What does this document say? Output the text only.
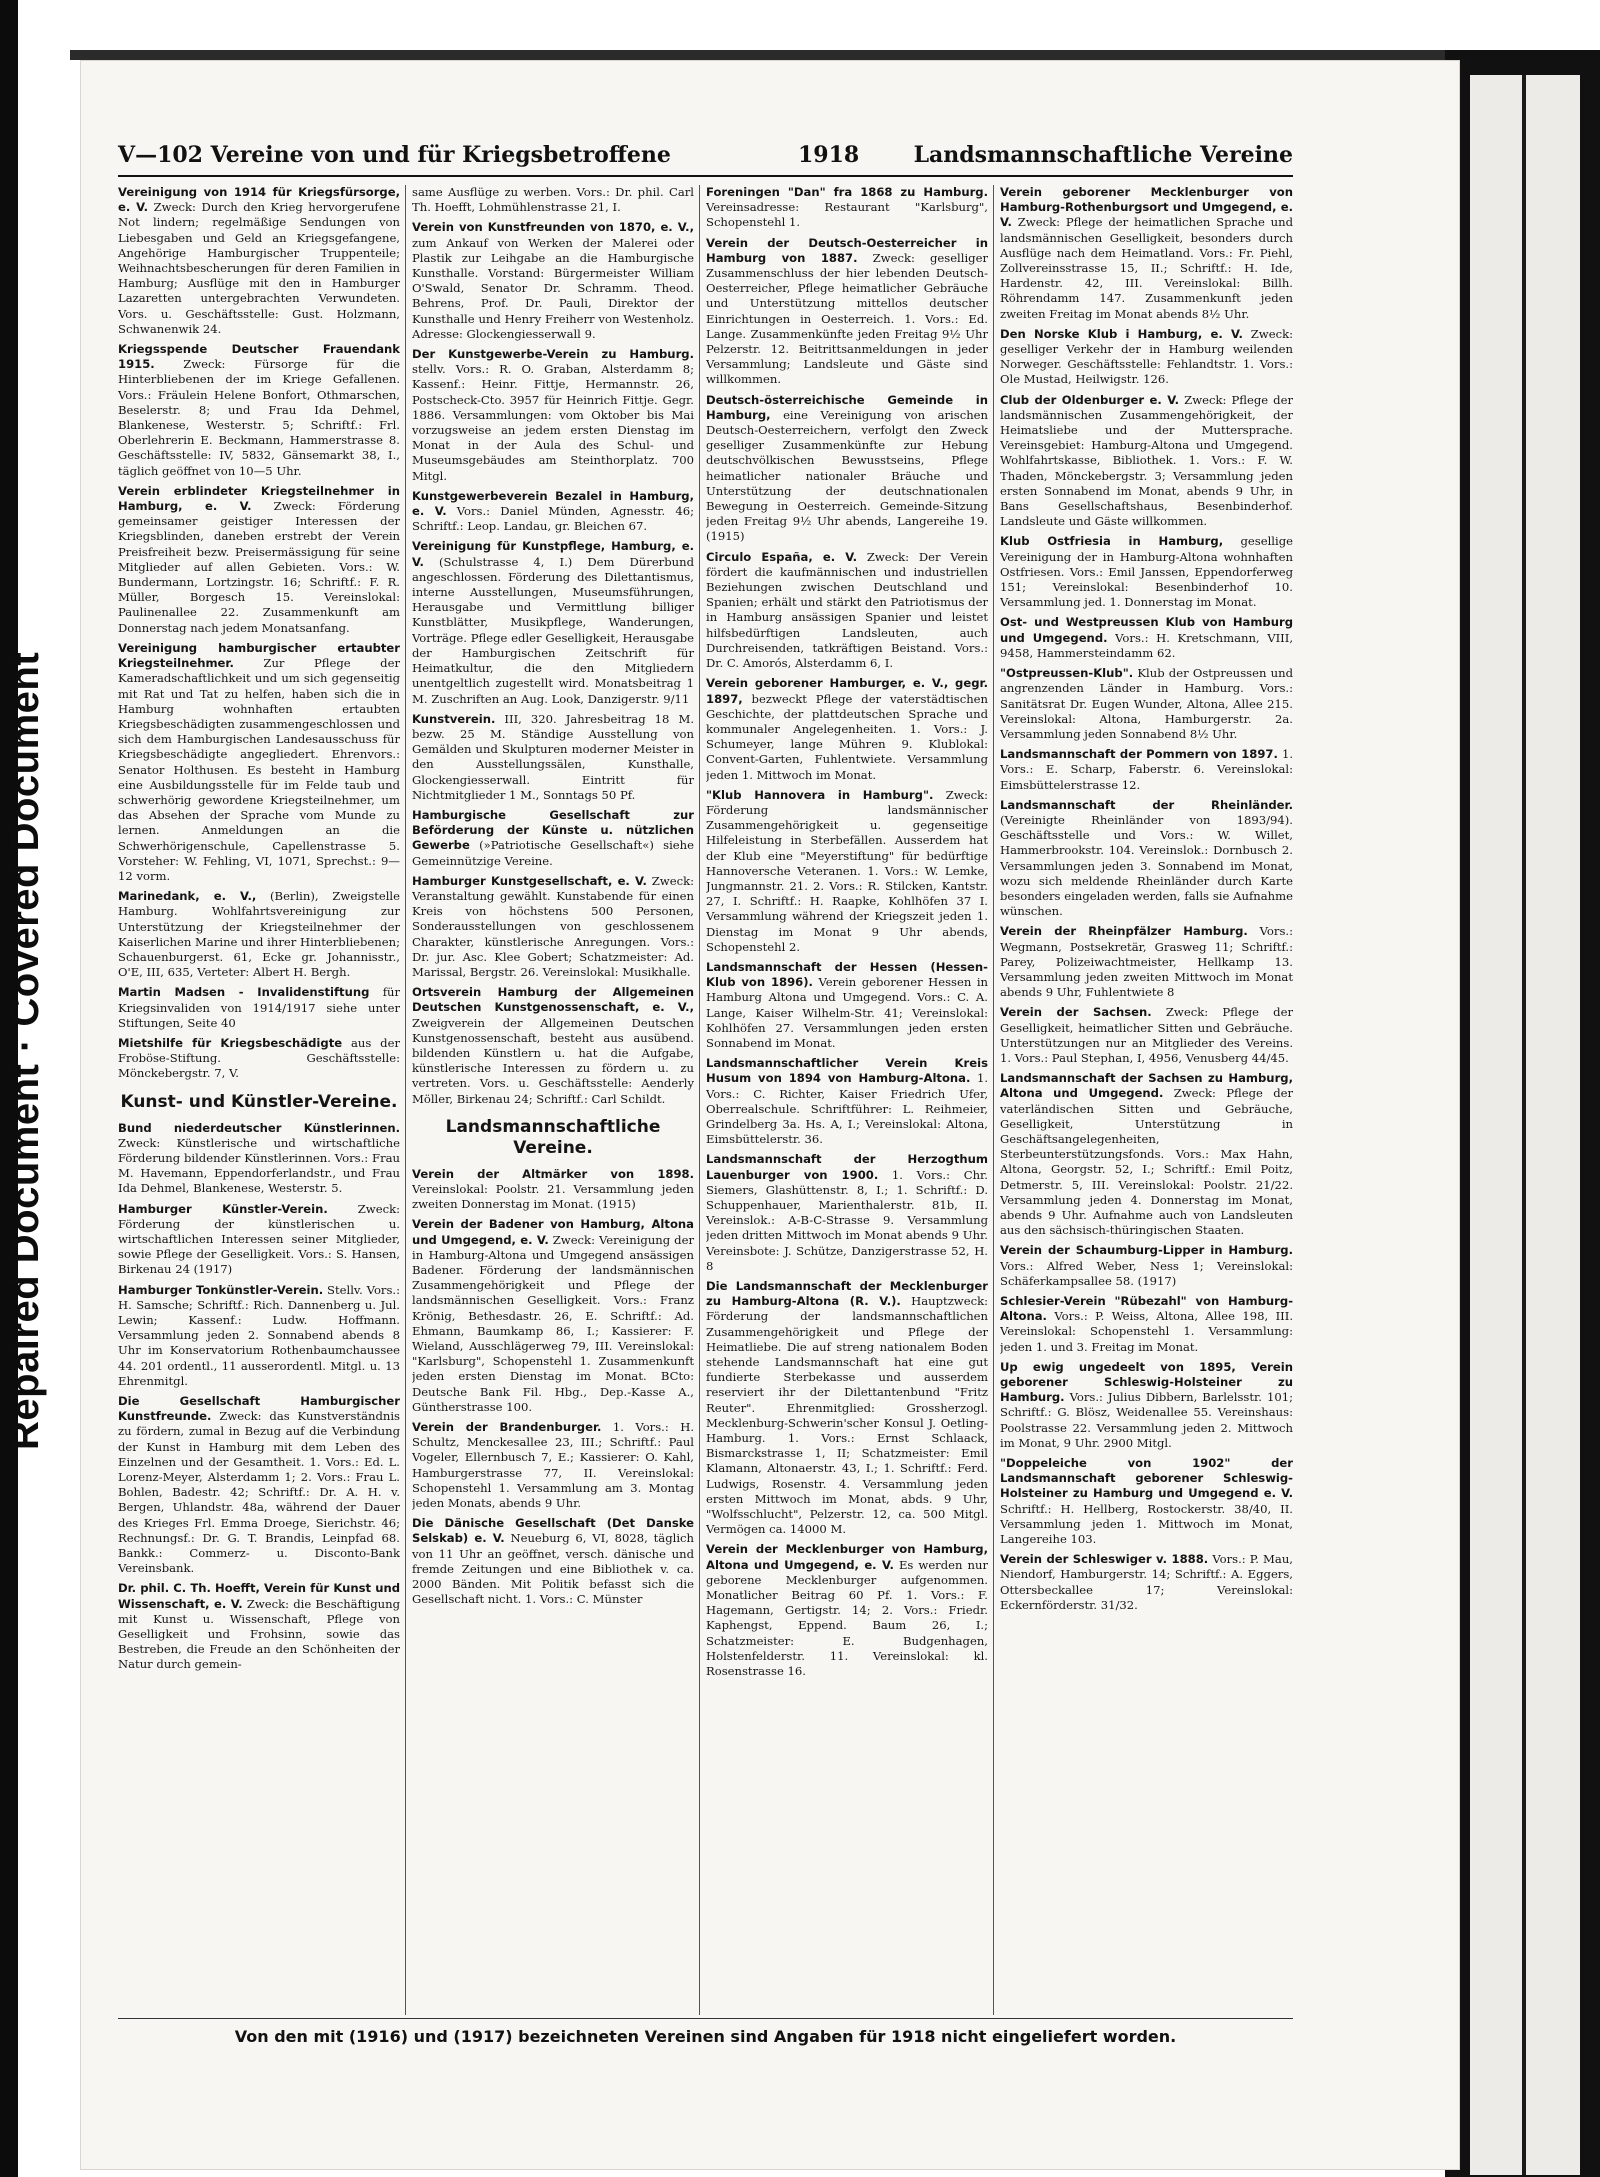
Repaired Document · Covered Document
V—102 Vereine von und für Kriegsbetroffene	1918 Landsmannschaftliche Vereine

Vereinigung von 1914 für Kriegsfürsorge, e. V. Zweck: Durch den Krieg hervorgerufene Not lindern; regelmäßige Sendungen von Liebesgaben und Geld an Kriegsgefangene, Angehörige Hamburgischer Truppenteile; Weihnachtsbescherungen für deren Familien in Hamburg; Ausflüge mit den in Hamburger Lazaretten untergebrachten Verwundeten. Vors. u. Geschäftsstelle: Gust. Holzmann, Schwanenwik 24.

Kriegsspende Deutscher Frauendank 1915. Zweck: Fürsorge für die Hinterbliebenen der im Kriege Gefallenen. Vors.: Fräulein Helene Bonfort, Othmarschen, Beselerstr. 8; und Frau Ida Dehmel, Blankenese, Westerstr. 5; Schriftf.: Frl. Oberlehrerin E. Beckmann, Hammerstrasse 8. Geschäftsstelle: IV, 5832, Gänsemarkt 38, I., täglich geöffnet von 10—5 Uhr.

Verein erblindeter Kriegsteilnehmer in Hamburg, e. V. Zweck: Förderung gemeinsamer geistiger Interessen der Kriegsblinden, daneben erstrebt der Verein Preisfreiheit bezw. Preisermässigung für seine Mitglieder auf allen Gebieten. Vors.: W. Bundermann, Lortzingstr. 16; Schriftf.: F. R. Müller, Borgesch 15. Vereinslokal: Paulinenallee 22. Zusammenkunft am Donnerstag nach jedem Monatsanfang.

Vereinigung hamburgischer ertaubter Kriegsteilnehmer.	Zur Pflege der Kameradschaftlichkeit und um sich gegenseitig mit Rat und Tat zu helfen, haben sich die in Hamburg wohnhaften ertaubten Kriegsbeschädigten zusammengeschlossen und sich dem Hamburgischen Landesausschuss für Kriegsbeschädigte angegliedert. Ehrenvors.: Senator Holthusen. Es besteht in Hamburg eine Ausbildungsstelle für im Felde taub und schwerhörig gewordene Kriegsteilnehmer, um das Absehen der Sprache vom Munde zu lernen. Anmeldungen an die Schwerhörigenschule, Capellenstrasse 5. Vorsteher: W. Fehling, VI, 1071, Sprechst.: 9—12 vorm.

Marinedank, e. V., (Berlin), Zweigstelle Hamburg. Wohlfahrtsvereinigung zur Unterstützung der Kriegsteilnehmer der Kaiserlichen Marine und ihrer Hinterbliebenen; Schauenburgerst. 61, Ecke gr. Johannisstr., O'E, III, 635, Verteter: Albert H. Bergh.

Martin Madsen - Invalidenstiftung für Kriegsinvaliden von 1914/1917 siehe unter Stiftungen, Seite 40

Mietshilfe für Kriegsbeschädigte aus der Froböse-Stiftung. Geschäftsstelle: Mönckebergstr. 7, V.

Kunst- und Künstler-Vereine.

Bund niederdeutscher Künstlerinnen. Zweck: Künstlerische und wirtschaftliche Förderung bildender Künstlerinnen. Vors.: Frau M. Havemann, Eppendorferlandstr., und Frau Ida Dehmel, Blankenese, Westerstr. 5.

Hamburger Künstler-Verein.	Zweck: Förderung der künstlerischen u. wirtschaftlichen Interessen seiner Mitglieder, sowie Pflege der Geselligkeit. Vors.: S. Hansen, Birkenau 24 (1917)

Hamburger Tonkünstler-Verein. Stellv. Vors.: H. Samsche; Schriftf.: Rich. Dannenberg u. Jul. Lewin; Kassenf.: Ludw. Hoffmann. Versammlung jeden 2. Sonnabend abends 8 Uhr im Konservatorium Rothenbaumchaussee 44. 201 ordentl., 11 ausserordentl. Mitgl. u. 13 Ehrenmitgl.

Die Gesellschaft Hamburgischer Kunstfreunde. Zweck: das Kunstverständnis zu fördern, zumal in Bezug auf die Verbindung der Kunst in Hamburg mit dem Leben des Einzelnen und der Gesamtheit. 1. Vors.: Ed. L. Lorenz-Meyer, Alsterdamm 1; 2. Vors.: Frau L. Bohlen, Badestr. 42; Schriftf.: Dr. A. H. v. Bergen, Uhlandstr. 48a, während der Dauer des Krieges Frl. Emma Droege, Sierichstr. 46; Rechnungsf.: Dr. G. T. Brandis, Leinpfad 68. Bankk.: Commerz- u. Disconto-Bank Vereinsbank.

Dr. phil. C. Th. Hoefft, Verein für Kunst und Wissenschaft, e. V. Zweck: die Beschäftigung mit Kunst u. Wissenschaft, Pflege von Geselligkeit und Frohsinn, sowie das Bestreben, die Freude an den Schönheiten der Natur durch gemein-

same Ausflüge zu werben. Vors.: Dr. phil. Carl Th. Hoefft, Lohmühlenstrasse 21, I.

Verein von Kunstfreunden von 1870, e. V., zum Ankauf von Werken der Malerei oder Plastik zur Leihgabe an die Hamburgische Kunsthalle. Vorstand: Bürgermeister William O'Swald, Senator Dr. Schramm. Theod. Behrens, Prof. Dr. Pauli, Direktor der Kunsthalle und Henry Freiherr von Westenholz. Adresse: Glockengiesserwall 9.

Der Kunstgewerbe-Verein zu Hamburg. stellv. Vors.: R. O. Graban, Alsterdamm 8; Kassenf.: Heinr. Fittje, Hermannstr. 26, Postscheck-Cto. 3957 für Heinrich Fittje. Gegr. 1886. Versammlungen: vom Oktober bis Mai vorzugsweise an jedem ersten Dienstag im Monat in der Aula des Schul- und Museumsgebäudes am Steinthorplatz. 700 Mitgl.

Kunstgewerbeverein Bezalel in Hamburg, e. V. Vors.: Daniel Münden, Agnesstr. 46; Schriftf.: Leop. Landau, gr. Bleichen 67.

Vereinigung für Kunstpflege, Hamburg, e. V. (Schulstrasse 4, I.) Dem Dürerbund angeschlossen. Förderung des Dilettantismus, interne Ausstellungen, Museumsführungen, Herausgabe und Vermittlung billiger Kunstblätter, Musikpflege, Wanderungen, Vorträge. Pflege edler Geselligkeit, Herausgabe der Hamburgischen Zeitschrift für Heimatkultur, die den Mitgliedern unentgeltlich zugestellt wird. Monatsbeitrag 1 M. Zuschriften an Aug. Look, Danzigerstr. 9/11

Kunstverein. III, 320. Jahresbeitrag 18 M. bezw. 25 M. Ständige Ausstellung von Gemälden und Skulpturen moderner Meister in den Ausstellungssälen, Kunsthalle, Glockengiesserwall. Eintritt für Nichtmitglieder 1 M., Sonntags 50 Pf.

Hamburgische Gesellschaft zur Beförderung der Künste u. nützlichen Gewerbe (»Patriotische Gesellschaft«) siehe Gemeinnützige Vereine.

Hamburger Kunstgesellschaft, e. V. Zweck: Veranstaltung gewählt. Kunstabende für einen Kreis von höchstens 500 Personen, Sonderausstellungen von geschlossenem Charakter, künstlerische Anregungen. Vors.: Dr. jur. Asc. Klee Gobert; Schatzmeister: Ad. Marissal, Bergstr. 26. Vereinslokal: Musikhalle.

Ortsverein Hamburg der Allgemeinen Deutschen Kunstgenossenschaft, e. V., Zweigverein der Allgemeinen Deutschen Kunstgenossenschaft, besteht aus ausübend. bildenden Künstlern u. hat die Aufgabe, künstlerische Interessen zu fördern u. zu vertreten. Vors. u. Geschäftsstelle: Aenderly Möller, Birkenau 24; Schriftf.: Carl Schildt.

Landsmannschaftliche Vereine.

Verein der Altmärker von 1898. Vereinslokal: Poolstr. 21. Versammlung jeden zweiten Donnerstag im Monat. (1915)

Verein der Badener von Hamburg, Altona und Umgegend, e. V. Zweck: Vereinigung der in Hamburg-Altona und Umgegend ansässigen Badener. Förderung der landsmännischen Zusammengehörigkeit und Pflege der landsmännischen Geselligkeit. Vors.: Franz Krönig, Bethesdastr. 26, E. Schriftf.: Ad. Ehmann, Baumkamp 86, I.; Kassierer: F. Wieland, Ausschlägerweg 79, III. Vereinslokal: "Karlsburg", Schopenstehl 1. Zusammenkunft jeden ersten Dienstag im Monat. BCto: Deutsche Bank Fil. Hbg., Dep.-Kasse A., Güntherstrasse 100.

Verein der Brandenburger. 1. Vors.: H. Schultz, Menckesallee 23, III.; Schriftf.: Paul Vogeler, Ellernbusch 7, E.; Kassierer: O. Kahl, Hamburgerstrasse 77, II. Vereinslokal: Schopenstehl 1. Versammlung am 3. Montag jeden Monats, abends 9 Uhr.

Die Dänische Gesellschaft (Det Danske Selskab) e. V. Neueburg 6, VI, 8028, täglich von 11 Uhr an geöffnet, versch. dänische und fremde Zeitungen und eine Bibliothek v. ca. 2000 Bänden. Mit Politik befasst sich die Gesellschaft nicht. 1. Vors.: C. Münster

Foreningen "Dan" fra 1868 zu Hamburg. Vereinsadresse: Restaurant "Karlsburg", Schopenstehl 1.

Verein der Deutsch-Oesterreicher in Hamburg von 1887. Zweck: geselliger Zusammenschluss der hier lebenden Deutsch-Oesterreicher, Pflege heimatlicher Gebräuche und Unterstützung mittellos deutscher Einrichtungen in Oesterreich. 1. Vors.: Ed. Lange. Zusammenkünfte jeden Freitag 9½ Uhr Pelzerstr. 12. Beitrittsanmeldungen in jeder Versammlung; Landsleute und Gäste sind willkommen.

Deutsch-österreichische Gemeinde in Hamburg, eine Vereinigung von arischen Deutsch-Oesterreichern, verfolgt den Zweck geselliger Zusammenkünfte zur Hebung deutschvölkischen Bewusstseins, Pflege heimatlicher nationaler Bräuche und Unterstützung der deutschnationalen Bewegung in Oesterreich. Gemeinde-Sitzung jeden Freitag 9½ Uhr abends, Langereihe 19. (1915)

Circulo España, e. V. Zweck: Der Verein fördert die kaufmännischen und industriellen Beziehungen zwischen Deutschland und Spanien; erhält und stärkt den Patriotismus der in Hamburg ansässigen Spanier und leistet hilfsbedürftigen Landsleuten, auch Durchreisenden, tatkräftigen Beistand. Vors.: Dr. C. Amorós, Alsterdamm 6, I.

Verein geborener Hamburger, e. V., gegr. 1897, bezweckt Pflege der vaterstädtischen Geschichte, der plattdeutschen Sprache und kommunaler Angelegenheiten. 1. Vors.: J. Schumeyer, lange Mühren 9. Klublokal: Convent-Garten, Fuhlentwiete. Versammlung jeden 1. Mittwoch im Monat.

"Klub Hannovera in Hamburg". Zweck: Förderung landsmännischer Zusammengehörigkeit u. gegenseitige Hilfeleistung in Sterbefällen. Ausserdem hat der Klub eine "Meyerstiftung" für bedürftige Hannoversche Veteranen. 1. Vors.: W. Lemke, Jungmannstr. 21. 2. Vors.: R. Stilcken, Kantstr. 27, I. Schriftf.: H. Raapke, Kohlhöfen 37 I. Versammlung während der Kriegszeit jeden 1. Dienstag im Monat 9 Uhr abends, Schopenstehl 2.

Landsmannschaft der Hessen (Hessen-Klub von 1896). Verein geborener Hessen in Hamburg Altona und Umgegend. Vors.: C. A. Lange, Kaiser Wilhelm-Str. 41; Vereinslokal: Kohlhöfen 27. Versammlungen jeden ersten Sonnabend im Monat.

Landsmannschaftlicher Verein Kreis Husum von 1894 von Hamburg-Altona. 1. Vors.: C. Richter, Kaiser Friedrich Ufer, Oberrealschule. Schriftführer: L. Reihmeier, Grindelberg 3a. Hs. A, I.; Vereinslokal: Altona, Eimsbüttelerstr. 36.

Landsmannschaft der Herzogthum Lauenburger von 1900. 1. Vors.: Chr. Siemers, Glashüttenstr. 8, I.; 1. Schriftf.: D. Schuppenhauer, Marienthalerstr. 81b, II. Vereinslok.: A-B-C-Strasse 9. Versammlung jeden dritten Mittwoch im Monat abends 9 Uhr. Vereinsbote: J. Schütze, Danzigerstrasse 52, H. 8

Die Landsmannschaft der Mecklenburger zu Hamburg-Altona (R. V.). Hauptzweck: Förderung der landsmannschaftlichen Zusammengehörigkeit und Pflege der Heimatliebe. Die auf streng nationalem Boden stehende Landsmannschaft hat eine gut fundierte Sterbekasse und ausserdem reserviert ihr der Dilettantenbund "Fritz Reuter". Ehrenmitglied: Grossherzogl. Mecklenburg-Schwerin'scher Konsul J. Oetling-Hamburg. 1. Vors.: Ernst Schlaack, Bismarckstrasse 1, II; Schatzmeister: Emil Klamann, Altonaerstr. 43, I.; 1. Schriftf.: Ferd. Ludwigs, Rosenstr. 4. Versammlung jeden ersten Mittwoch im Monat, abds. 9 Uhr, "Wolfsschlucht", Pelzerstr. 12, ca. 500 Mitgl. Vermögen ca. 14000 M.

Verein der Mecklenburger von Hamburg, Altona und Umgegend, e. V. Es werden nur geborene Mecklenburger aufgenommen. Monatlicher Beitrag 60 Pf. 1. Vors.: F. Hagemann, Gertigstr. 14; 2. Vors.: Friedr. Kaphengst, Eppend. Baum 26, I.; Schatzmeister: E. Budgenhagen, Holstenfelderstr. 11. Vereinslokal: kl. Rosenstrasse 16.

Verein geborener Mecklenburger von Hamburg-Rothenburgsort und Umgegend, e. V. Zweck: Pflege der heimatlichen Sprache und landsmännischen Geselligkeit, besonders durch Ausflüge nach dem Heimatland. Vors.: Fr. Piehl, Zollvereinsstrasse 15, II.; Schriftf.: H. Ide, Hardenstr. 42, III. Vereinslokal: Billh. Röhrendamm 147. Zusammenkunft jeden zweiten Freitag im Monat abends 8½ Uhr.

Den Norske Klub i Hamburg, e. V. Zweck: geselliger Verkehr der in Hamburg weilenden Norweger. Geschäftsstelle: Fehlandtstr. 1. Vors.: Ole Mustad, Heilwigstr. 126.

Club der Oldenburger e. V. Zweck: Pflege der landsmännischen Zusammengehörigkeit, der Heimatsliebe und der Muttersprache. Vereinsgebiet: Hamburg-Altona und Umgegend. Wohlfahrtskasse, Bibliothek. 1. Vors.: F. W. Thaden, Mönckebergstr. 3; Versammlung jeden ersten Sonnabend im Monat, abends 9 Uhr, in Bans Gesellschaftshaus, Besenbinderhof. Landsleute und Gäste willkommen.

Klub Ostfriesia in Hamburg, gesellige Vereinigung der in Hamburg-Altona wohnhaften Ostfriesen. Vors.: Emil Janssen, Eppendorferweg 151; Vereinslokal: Besenbinderhof 10. Versammlung jed. 1. Donnerstag im Monat.

Ost- und Westpreussen Klub von Hamburg und Umgegend. Vors.: H. Kretschmann, VIII, 9458, Hammersteindamm 62.

"Ostpreussen-Klub". Klub der Ostpreussen und angrenzenden Länder in Hamburg. Vors.: Sanitätsrat Dr. Eugen Wunder, Altona, Allee 215. Vereinslokal: Altona, Hamburgerstr. 2a. Versammlung jeden Sonnabend 8½ Uhr.

Landsmannschaft der Pommern von 1897. 1. Vors.: E. Scharp, Faberstr. 6. Vereinslokal: Eimsbüttelerstrasse 12.

Landsmannschaft der Rheinländer. (Vereinigte Rheinländer von 1893/94). Geschäftsstelle und Vors.: W. Willet, Hammerbrookstr. 104. Vereinslok.: Dornbusch 2. Versammlungen jeden 3. Sonnabend im Monat, wozu sich meldende Rheinländer durch Karte besonders eingeladen werden, falls sie Aufnahme wünschen.

Verein der Rheinpfälzer Hamburg. Vors.: Wegmann, Postsekretär, Grasweg 11; Schriftf.: Parey, Polizeiwachtmeister, Hellkamp 13. Versammlung jeden zweiten Mittwoch im Monat abends 9 Uhr, Fuhlentwiete 8

Verein der Sachsen. Zweck: Pflege der Geselligkeit, heimatlicher Sitten und Gebräuche. Unterstützungen nur an Mitglieder des Vereins. 1. Vors.: Paul Stephan, I, 4956, Venusberg 44/45.

Landsmannschaft der Sachsen zu Hamburg, Altona und Umgegend. Zweck: Pflege der vaterländischen Sitten und Gebräuche, Geselligkeit, Unterstützung in Geschäftsangelegenheiten, Sterbeunterstützungsfonds. Vors.: Max Hahn, Altona, Georgstr. 52, I.; Schriftf.: Emil Poitz, Detmerstr. 5, III. Vereinslokal: Poolstr. 21/22. Versammlung jeden 4. Donnerstag im Monat, abends 9 Uhr. Aufnahme auch von Landsleuten aus den sächsisch-thüringischen Staaten.

Verein der Schaumburg-Lipper in Hamburg. Vors.: Alfred Weber, Ness 1; Vereinslokal: Schäferkampsallee 58. (1917)

Schlesier-Verein "Rübezahl" von Hamburg-Altona. Vors.: P. Weiss, Altona, Allee 198, III. Vereinslokal: Schopenstehl 1. Versammlung: jeden 1. und 3. Freitag im Monat.

Up ewig ungedeelt von 1895, Verein geborener Schleswig-Holsteiner zu Hamburg. Vors.: Julius Dibbern, Barlelsstr. 101; Schriftf.: G. Blösz, Weidenallee 55. Vereinshaus: Poolstrasse 22. Versammlung jeden 2. Mittwoch im Monat, 9 Uhr. 2900 Mitgl.

"Doppeleiche von 1902" der Landsmannschaft geborener Schleswig-Holsteiner zu Hamburg und Umgegend e. V. Schriftf.: H. Hellberg, Rostockerstr. 38/40, II. Versammlung jeden 1. Mittwoch im Monat, Langereihe 103.

Verein der Schleswiger v. 1888. Vors.: P. Mau, Niendorf, Hamburgerstr. 14; Schriftf.: A. Eggers, Ottersbeckallee 17; Vereinslokal: Eckernförderstr. 31/32.

Von den mit (1916) und (1917) bezeichneten Vereinen sind Angaben für 1918 nicht eingeliefert worden.
